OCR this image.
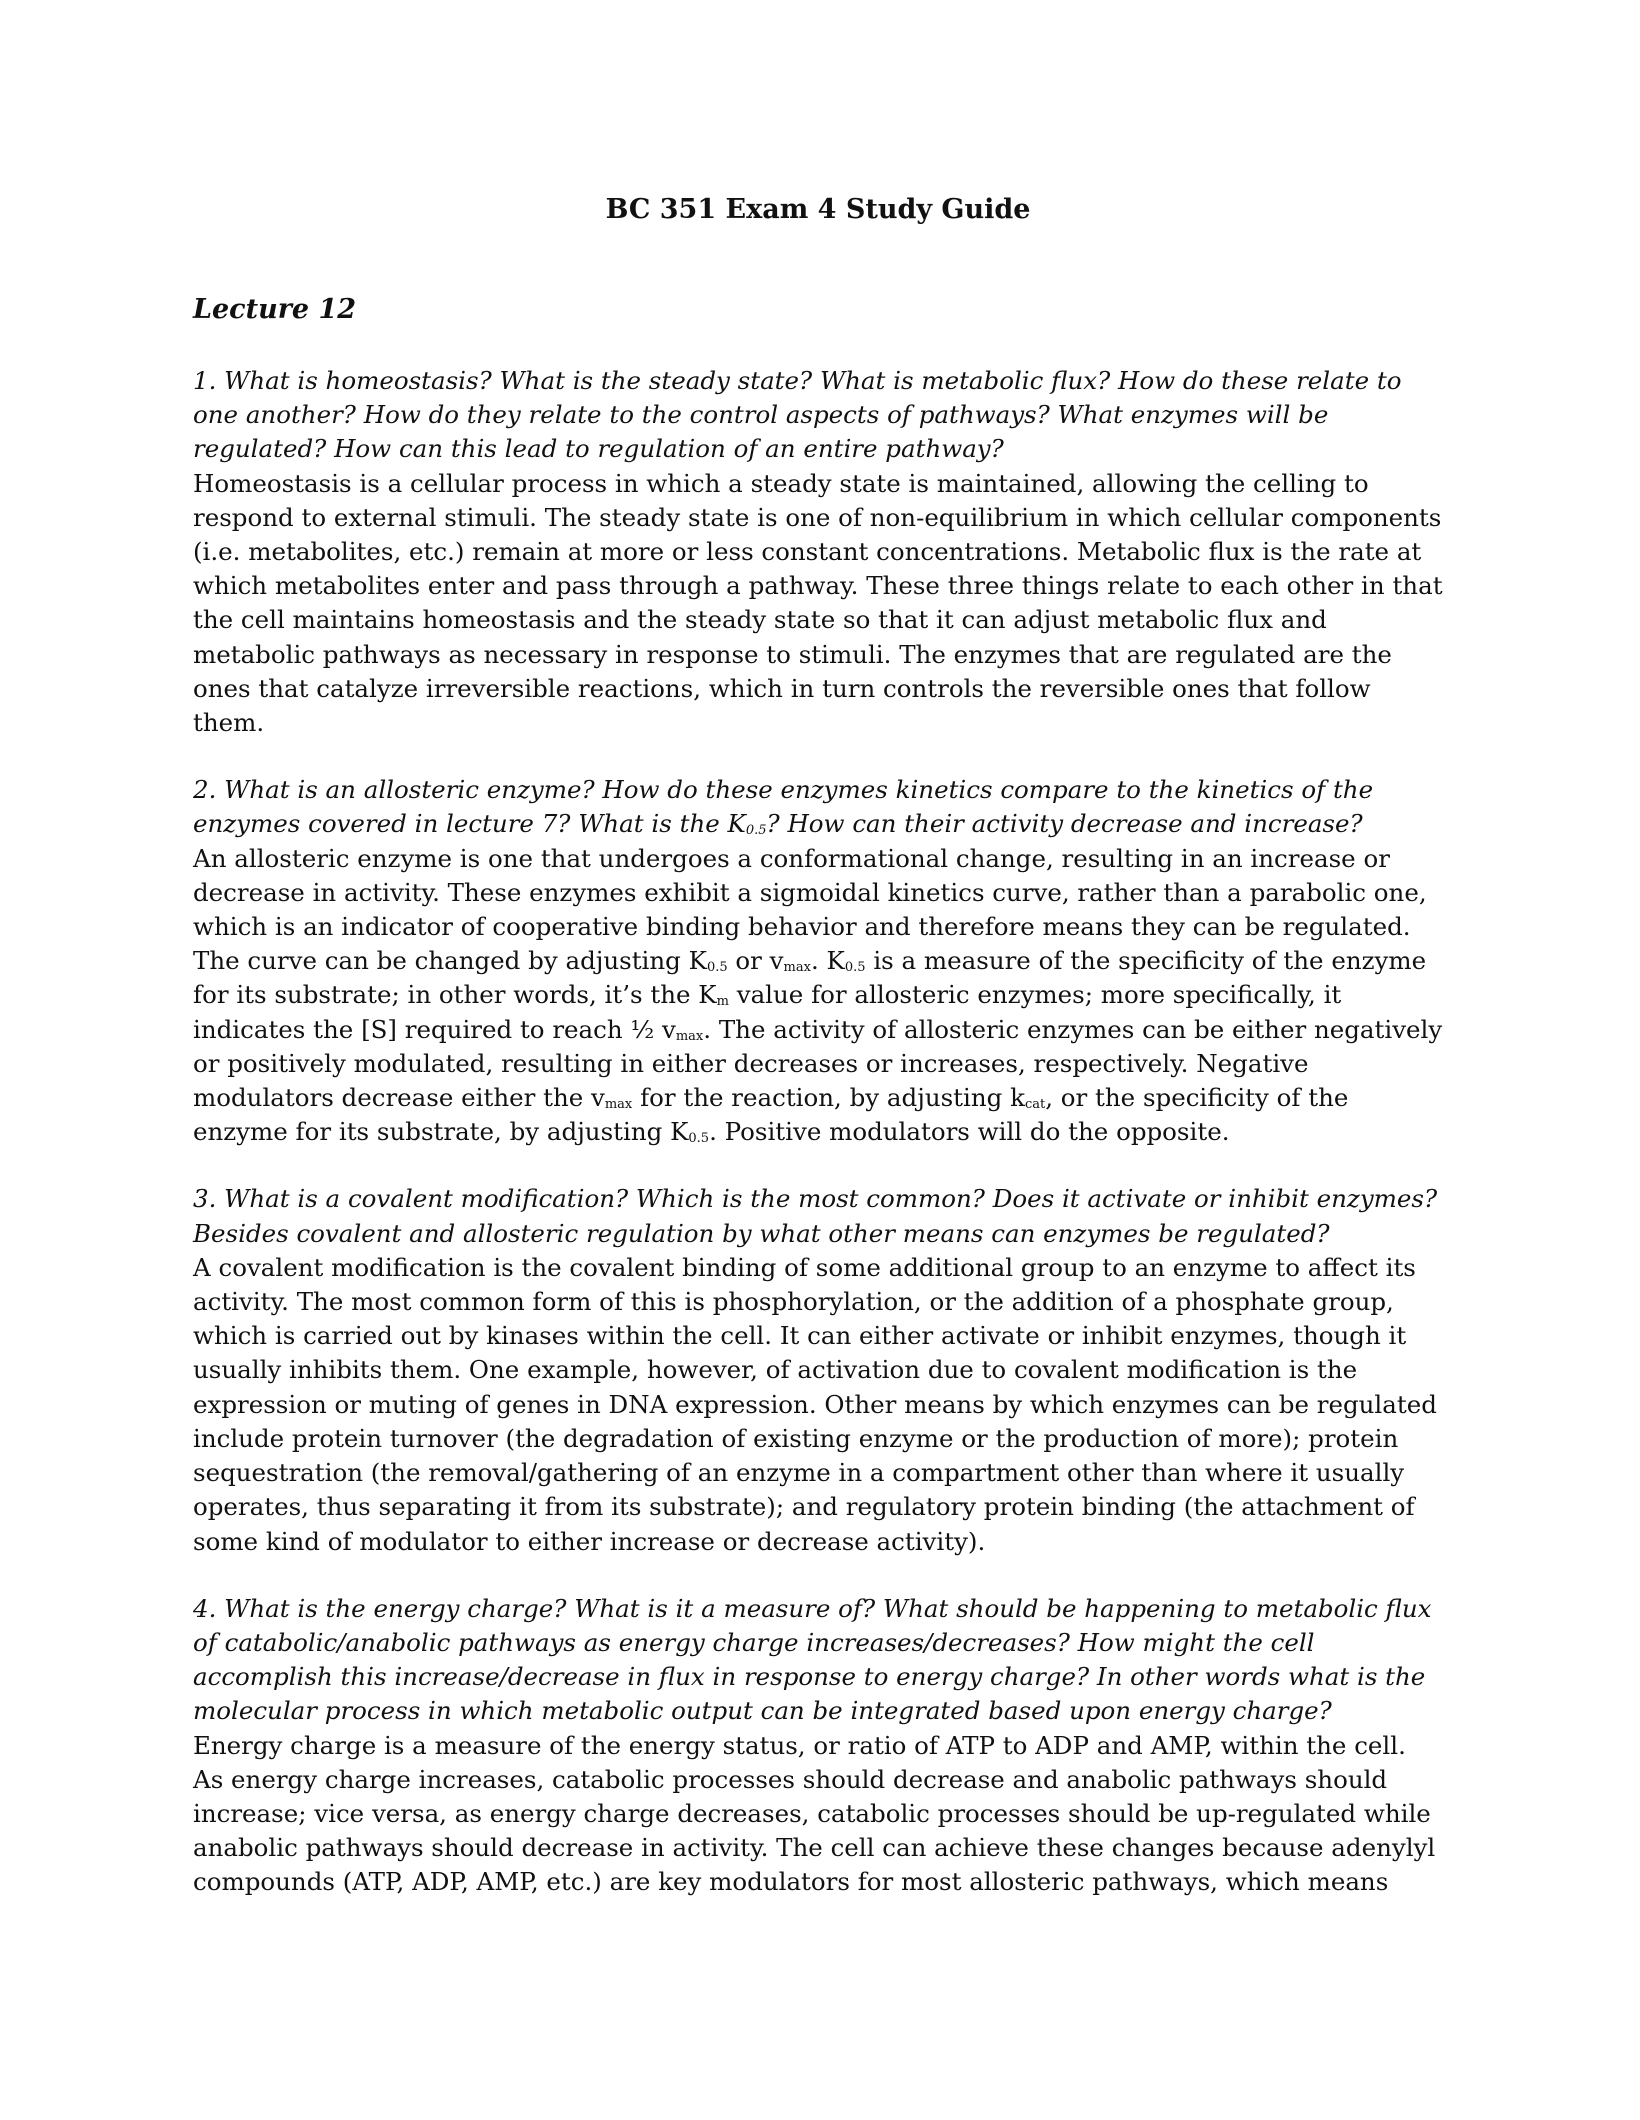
BC 351 Exam 4 Study Guide
Lecture 12

1. What is homeostasis? What is the steady state? What is metabolic flux? How do these relate to one another? How do they relate to the control aspects of pathways? What enzymes will be regulated? How can this lead to regulation of an entire pathway?

Homeostasis is a cellular process in which a steady state is maintained, allowing the celling to respond to external stimuli. The steady state is one of non-equilibrium in which cellular components (i.e. metabolites, etc.) remain at more or less constant concentrations. Metabolic flux is the rate at which metabolites enter and pass through a pathway. These three things relate to each other in that the cell maintains homeostasis and the steady state so that it can adjust metabolic flux and metabolic pathways as necessary in response to stimuli. The enzymes that are regulated are the ones that catalyze irreversible reactions, which in turn controls the reversible ones that follow them.

2. What is an allosteric enzyme? How do these enzymes kinetics compare to the kinetics of the enzymes covered in lecture 7? What is the $K_{0.5}$? How can their activity decrease and increase?

An allosteric enzyme is one that undergoes a conformational change, resulting in an increase or decrease in activity. These enzymes exhibit a sigmoidal kinetics curve, rather than a parabolic one, which is an indicator of cooperative binding behavior and therefore means they can be regulated. The curve can be changed by adjusting $K_{0.5}$ or $v_{max}$. $K_{0.5}$ is a measure of the specificity of the enzyme for its substrate; in other words, it’s the $K_m$ value for allosteric enzymes; more specifically, it indicates the [S] required to reach ½ $v_{max}$. The activity of allosteric enzymes can be either negatively or positively modulated, resulting in either decreases or increases, respectively. Negative modulators decrease either the $v_{max}$ for the reaction, by adjusting $k_{cat}$, or the specificity of the enzyme for its substrate, by adjusting $K_{0.5}$. Positive modulators will do the opposite.

3. What is a covalent modification? Which is the most common? Does it activate or inhibit enzymes? Besides covalent and allosteric regulation by what other means can enzymes be regulated?

A covalent modification is the covalent binding of some additional group to an enzyme to affect its activity. The most common form of this is phosphorylation, or the addition of a phosphate group, which is carried out by kinases within the cell. It can either activate or inhibit enzymes, though it usually inhibits them. One example, however, of activation due to covalent modification is the expression or muting of genes in DNA expression. Other means by which enzymes can be regulated include protein turnover (the degradation of existing enzyme or the production of more); protein sequestration (the removal/gathering of an enzyme in a compartment other than where it usually operates, thus separating it from its substrate); and regulatory protein binding (the attachment of some kind of modulator to either increase or decrease activity).

4. What is the energy charge? What is it a measure of? What should be happening to metabolic flux of catabolic/anabolic pathways as energy charge increases/decreases? How might the cell accomplish this increase/decrease in flux in response to energy charge? In other words what is the molecular process in which metabolic output can be integrated based upon energy charge?

Energy charge is a measure of the energy status, or ratio of ATP to ADP and AMP, within the cell. As energy charge increases, catabolic processes should decrease and anabolic pathways should increase; vice versa, as energy charge decreases, catabolic processes should be up-regulated while anabolic pathways should decrease in activity. The cell can achieve these changes because adenylyl compounds (ATP, ADP, AMP, etc.) are key modulators for most allosteric pathways, which means
